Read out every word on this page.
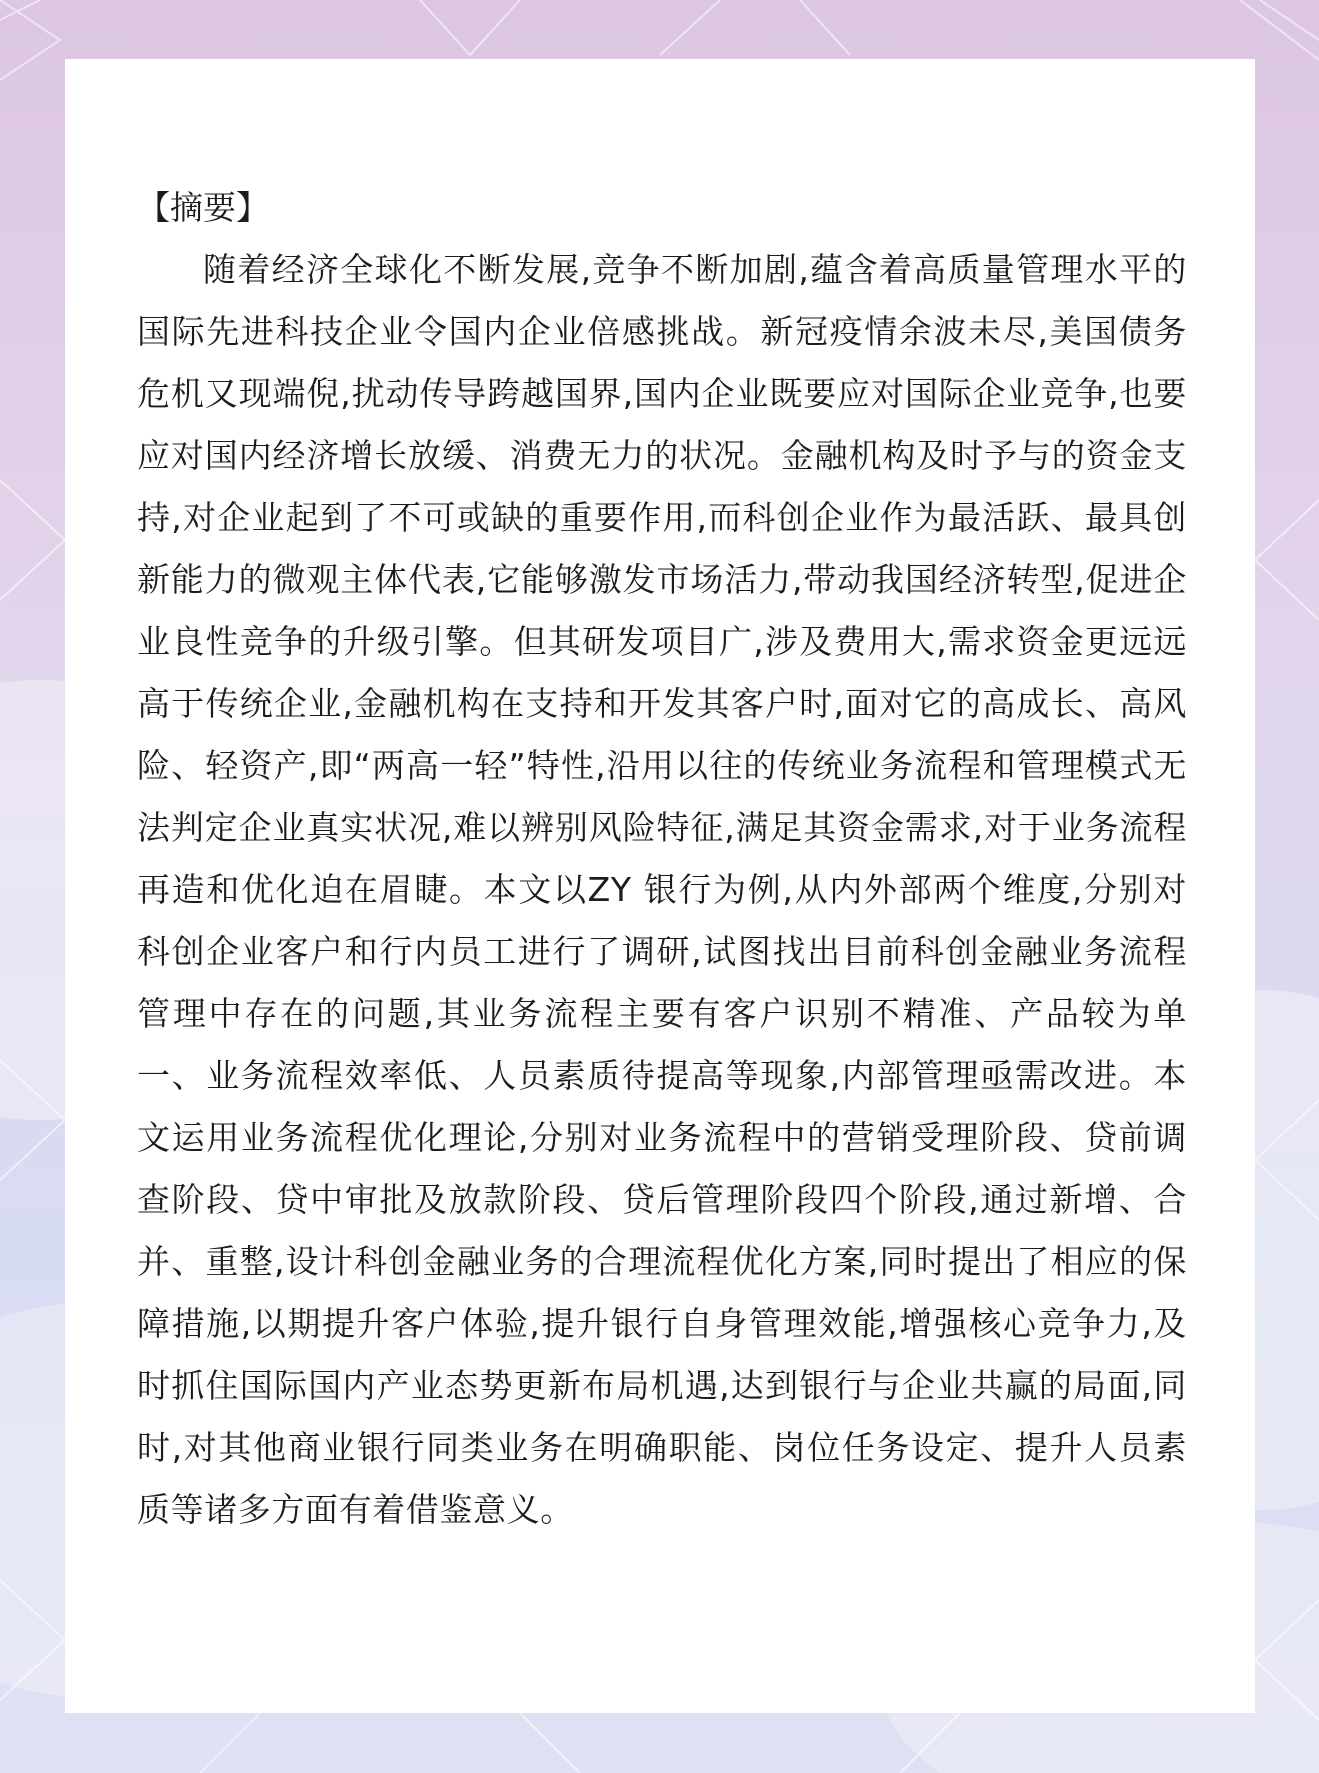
【摘要】

随着经济全球化不断发展,竞争不断加剧,蕴含着高质量管理水平的国际先进科技企业令国内企业倍感挑战。新冠疫情余波未尽,美国债务危机又现端倪,扰动传导跨越国界,国内企业既要应对国际企业竞争,也要应对国内经济增长放缓、消费无力的状况。金融机构及时予与的资金支持,对企业起到了不可或缺的重要作用,而科创企业作为最活跃、最具创新能力的微观主体代表,它能够激发市场活力,带动我国经济转型,促进企业良性竞争的升级引擎。但其研发项目广,涉及费用大,需求资金更远远高于传统企业,金融机构在支持和开发其客户时,面对它的高成长、高风险、轻资产,即“两高一轻”特性,沿用以往的传统业务流程和管理模式无法判定企业真实状况,难以辨别风险特征,满足其资金需求,对于业务流程再造和优化迫在眉睫。本文以ZY 银行为例,从内外部两个维度,分别对科创企业客户和行内员工进行了调研,试图找出目前科创金融业务流程管理中存在的问题,其业务流程主要有客户识别不精准、产品较为单一、业务流程效率低、人员素质待提高等现象,内部管理亟需改进。本文运用业务流程优化理论,分别对业务流程中的营销受理阶段、贷前调查阶段、贷中审批及放款阶段、贷后管理阶段四个阶段,通过新增、合并、重整,设计科创金融业务的合理流程优化方案,同时提出了相应的保障措施,以期提升客户体验,提升银行自身管理效能,增强核心竞争力,及时抓住国际国内产业态势更新布局机遇,达到银行与企业共赢的局面,同时,对其他商业银行同类业务在明确职能、岗位任务设定、提升人员素质等诸多方面有着借鉴意义。
